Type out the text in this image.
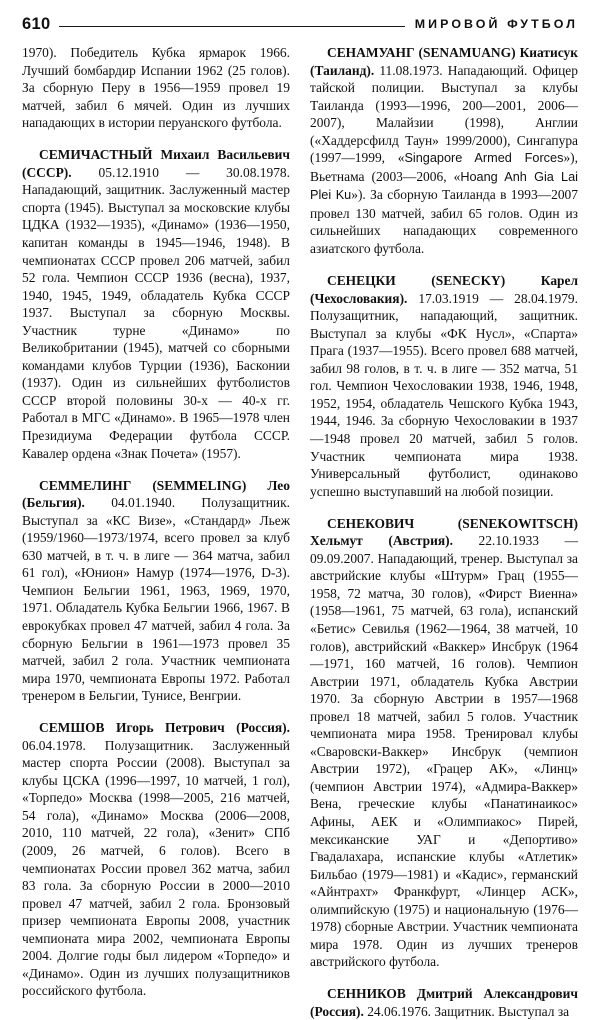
610	МИРОВОЙ ФУТБОЛ

1970). Победитель Кубка ярмарок 1966. Лучший бомбардир Испании 1962 (25 голов). За сборную Перу в 1956—1959 провел 19 матчей, забил 6 мячей. Один из лучших нападающих в истории перуанского футбола.

СЕМИЧАСТНЫЙ Михаил Васильевич (СССР). 05.12.1910 — 30.08.1978. Нападающий, защитник. Заслуженный мастер спорта (1945). Выступал за московские клубы ЦДКА (1932—1935), «Динамо» (1936—1950, капитан команды в 1945—1946, 1948). В чемпионатах СССР провел 206 матчей, забил 52 гола. Чемпион СССР 1936 (весна), 1937, 1940, 1945, 1949, обладатель Кубка СССР 1937. Выступал за сборную Москвы. Участник турне «Динамо» по Великобритании (1945), матчей со сборными командами клубов Турции (1936), Басконии (1937). Один из сильнейших футболистов СССР второй половины 30-х — 40-х гг. Работал в МГС «Динамо». В 1965—1978 член Президиума Федерации футбола СССР. Кавалер ордена «Знак Почета» (1957).

СЕММЕЛИНГ (SEMMELING) Лео (Бельгия). 04.01.1940. Полузащитник. Выступал за «КС Визе», «Стандард» Льеж (1959/1960—1973/1974, всего провел за клуб 630 матчей, в т. ч. в лиге — 364 матча, забил 61 гол), «Юнион» Намур (1974—1976, D-3). Чемпион Бельгии 1961, 1963, 1969, 1970, 1971. Обладатель Кубка Бельгии 1966, 1967. В еврокубках провел 47 матчей, забил 4 гола. За сборную Бельгии в 1961—1973 провел 35 матчей, забил 2 гола. Участник чемпионата мира 1970, чемпионата Европы 1972. Работал тренером в Бельгии, Тунисе, Венгрии.

СЕМШОВ Игорь Петрович (Россия). 06.04.1978. Полузащитник. Заслуженный мастер спорта России (2008). Выступал за клубы ЦСКА (1996—1997, 10 матчей, 1 гол), «Торпедо» Москва (1998—2005, 216 матчей, 54 гола), «Динамо» Москва (2006—2008, 2010, 110 матчей, 22 гола), «Зенит» СПб (2009, 26 матчей, 6 голов). Всего в чемпионатах России провел 362 матча, забил 83 гола. За сборную России в 2000—2010 провел 47 матчей, забил 2 гола. Бронзовый призер чемпионата Европы 2008, участник чемпионата мира 2002, чемпионата Европы 2004. Долгие годы был лидером «Торпедо» и «Динамо». Один из лучших полузащитников российского футбола.

СЕНАМУАНГ (SENAMUANG) Киатисук (Таиланд). 11.08.1973. Нападающий. Офицер тайской полиции. Выступал за клубы Таиланда (1993—1996, 200—2001, 2006—2007), Малайзии (1998), Англии («Хаддерсфилд Таун» 1999/2000), Сингапура (1997—1999, «Singapore Armed Forces»), Вьетнама (2003—2006, «Hoang Anh Gia Lai Plei Ku»). За сборную Таиланда в 1993—2007 провел 130 матчей, забил 65 голов. Один из сильнейших нападающих современного азиатского футбола.

СЕНЕЦКИ	(SENECKY)	Карел (Чехословакия). 17.03.1919 — 28.04.1979. Полузащитник, нападающий, защитник. Выступал за клубы «ФК Нусл», «Спарта» Прага (1937—1955). Всего провел 688 матчей, забил 98 голов, в т. ч. в лиге — 352 матча, 51 гол. Чемпион Чехословакии 1938, 1946, 1948, 1952, 1954, обладатель Чешского Кубка 1943, 1944, 1946. За сборную Чехословакии в 1937—1948 провел 20 матчей, забил 5 голов. Участник чемпионата мира 1938. Универсальный футболист, одинаково успешно выступавший на любой позиции.

СЕНЕКОВИЧ	(SENEKOWITSCH) Хельмут (Австрия). 22.10.1933 — 09.09.2007. Нападающий, тренер. Выступал за австрийские клубы «Штурм» Грац (1955—1958, 72 матча, 30 голов), «Фирст Виенна» (1958—1961, 75 матчей, 63 гола), испанский «Бетис» Севилья (1962—1964, 38 матчей, 10 голов), австрийский «Ваккер» Инсбрук (1964—1971, 160 матчей, 16 голов). Чемпион Австрии 1971, обладатель Кубка Австрии 1970. За сборную Австрии в 1957—1968 провел 18 матчей, забил 5 голов. Участник чемпионата мира 1958. Тренировал клубы «Сваровски-Ваккер» Инсбрук (чемпион Австрии 1972), «Грацер АК», «Линц» (чемпион Австрии 1974), «Адмира-Ваккер» Вена, греческие клубы «Панатинаикос» Афины, АЕК и «Олимпиакос» Пирей, мексиканские УАГ и «Депортиво» Гвадалахара, испанские клубы «Атлетик» Бильбао (1979—1981) и «Кадис», германский «Айнтрахт» Франкфурт, «Линцер АСК», олимпийскую (1975) и национальную (1976—1978) сборные Австрии. Участник чемпионата мира 1978. Один из лучших тренеров австрийского футбола.

СЕННИКОВ Дмитрий Александрович (Россия). 24.06.1976. Защитник. Выступал за
